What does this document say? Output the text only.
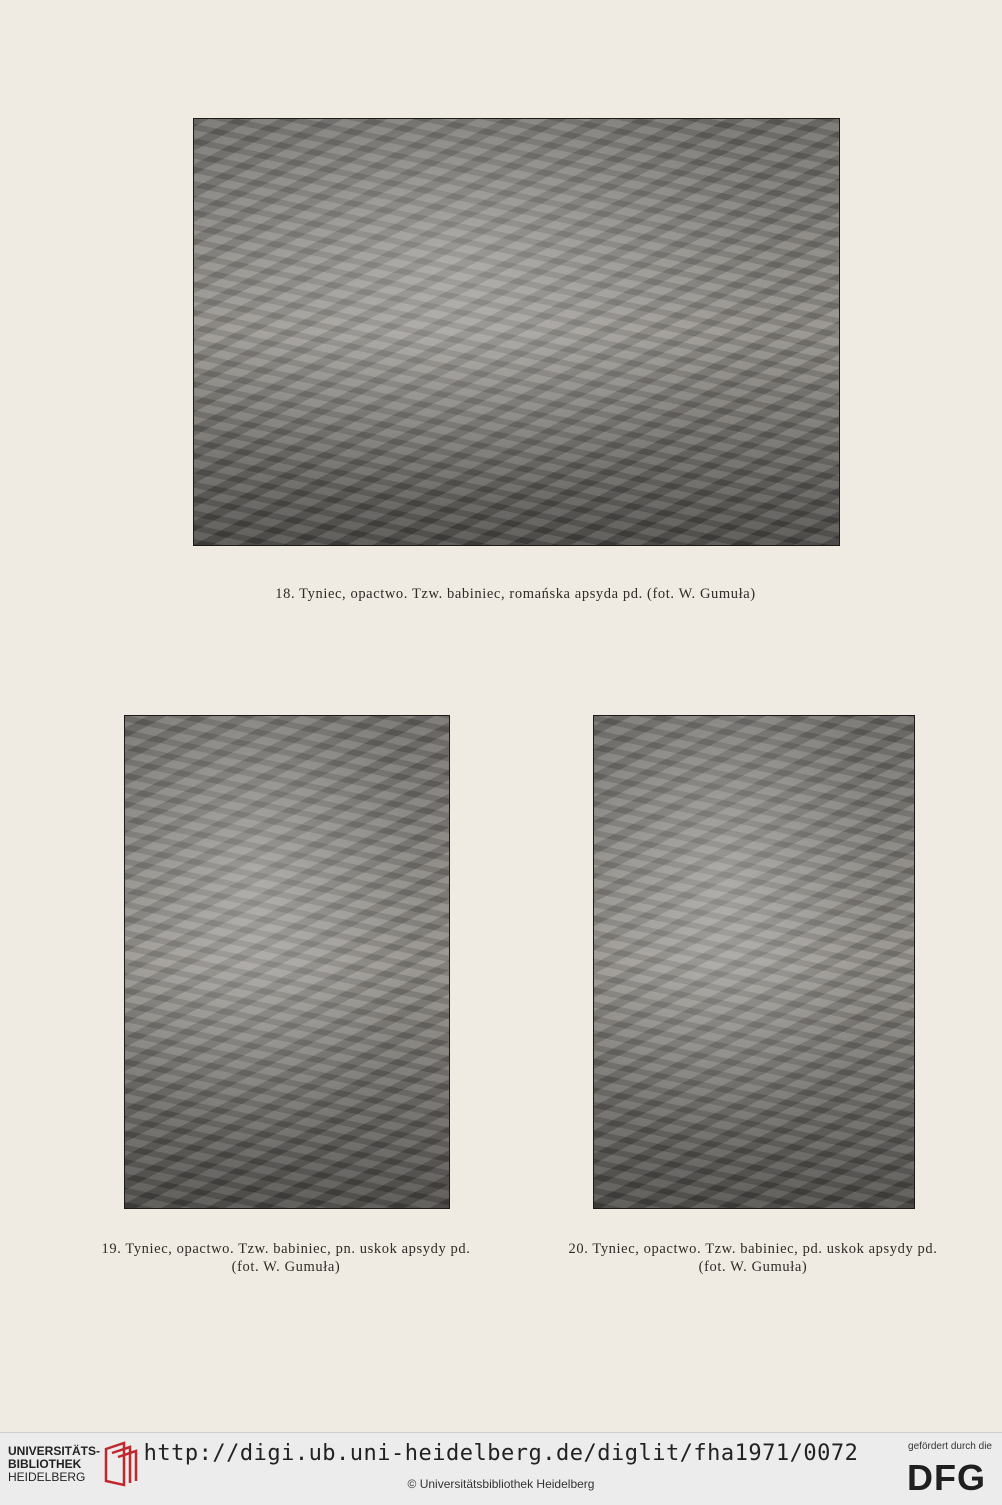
18. Tyniec, opactwo. Tzw. babiniec, romańska apsyda pd. (fot. W. Gumuła)
19. Tyniec, opactwo. Tzw. babiniec, pn. uskok apsydy pd.
(fot. W. Gumuła)
20. Tyniec, opactwo. Tzw. babiniec, pd. uskok apsydy pd.
(fot. W. Gumuła)
UNIVERSITÄTS-
BIBLIOTHEK
HEIDELBERG
http://digi.ub.uni-heidelberg.de/diglit/fha1971/0072
© Universitätsbibliothek Heidelberg
gefördert durch die
DFG
